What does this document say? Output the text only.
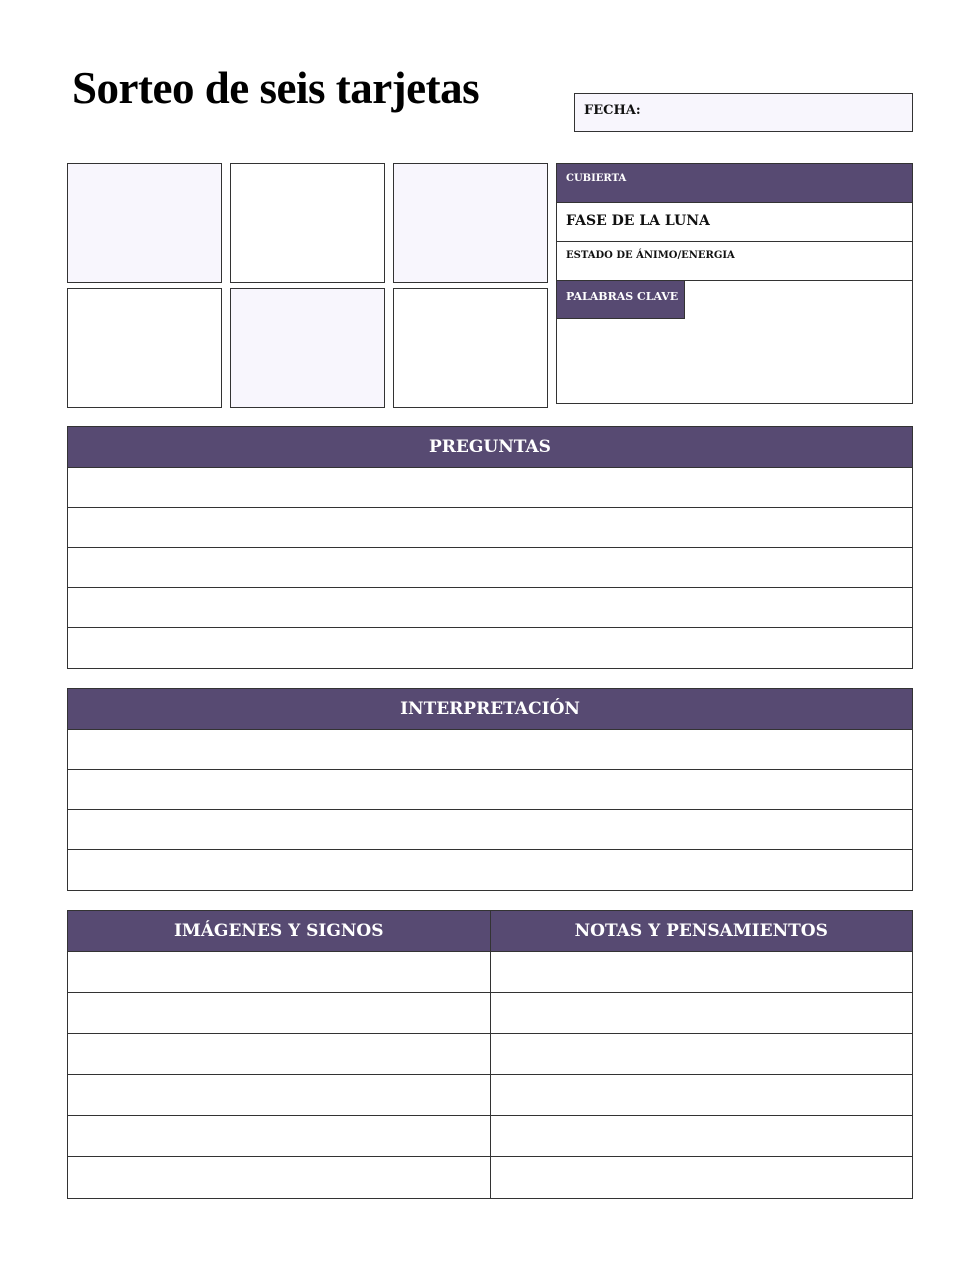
Sorteo de seis tarjetas	FECHA:
CUBIERTA
FASE DE LA LUNA
ESTADO DE ÁNIMO/ENERGIA
PALABRAS CLAVE
PREGUNTAS
INTERPRETACIÓN
IMÁGENES Y SIGNOS	NOTAS Y PENSAMIENTOS
